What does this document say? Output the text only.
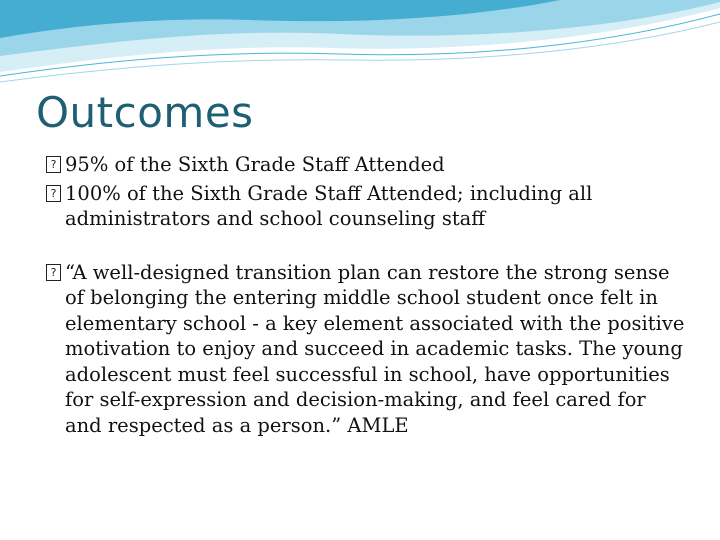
Outcomes
? 95% of the Sixth Grade Staff Attended
? 100% of the Sixth Grade Staff Attended; including all administrators and school counseling staff
? “A well-designed transition plan can restore the strong sense of belonging the entering middle school student once felt in elementary school - a key element associated with the positive motivation to enjoy and succeed in academic tasks. The young adolescent must feel successful in school, have opportunities for self-expression and decision-making, and feel cared for and respected as a person.” AMLE
